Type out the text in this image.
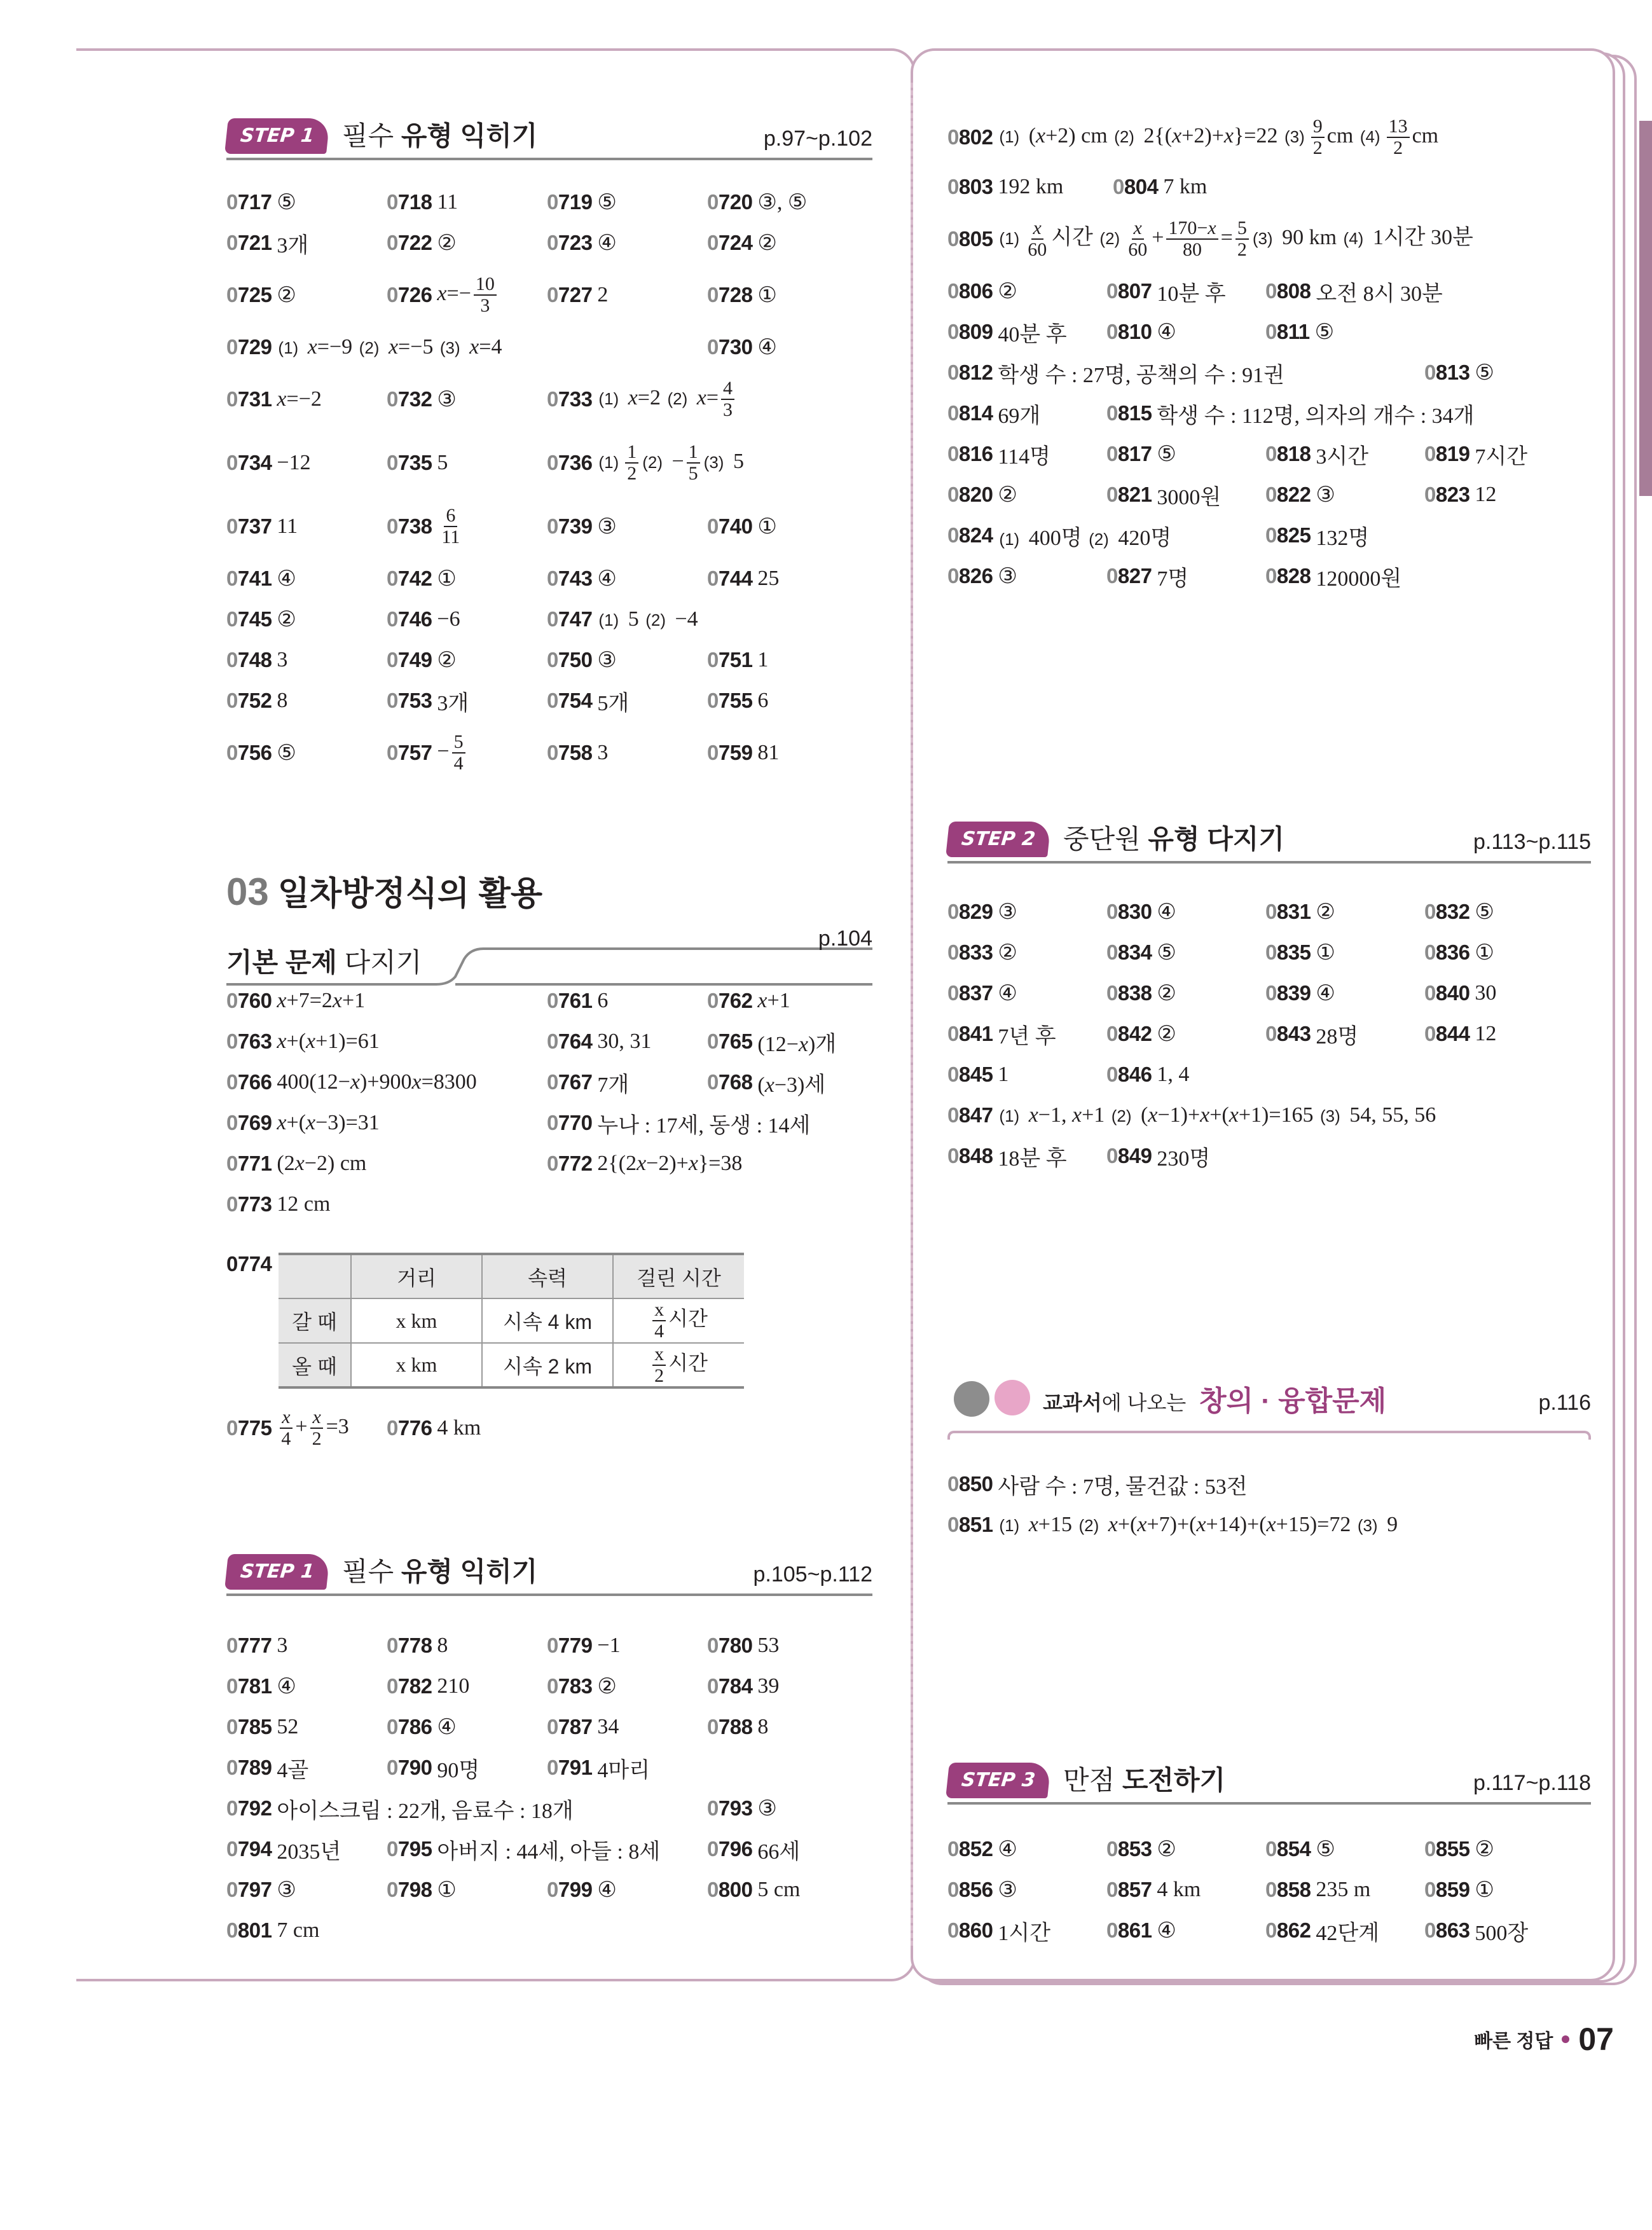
STEP 1	필수 유형 익히기	p.97~p.102
03 일차방정식의 활용
기본 문제 다지기
p.104
STEP 1	필수 유형 익히기	p.105~p.112
STEP 2	중단원 유형 다지기	p.113~p.115
교과서에 나오는 창의 · 융합문제	p.116
STEP 3	만점 도전하기	p.117~p.118
0717 ⑤	0718 11	0719 ⑤	0720 ③, ⑤
0721 3개	0722 ②	0723 ④	0724 ②
0725 ②	0726 $x=- \frac{10}{3} 0727$ 2	0728 ①
0729 (1) x=−9 (2) x=−5 (3) x=4	0730 ④
0731 x=−2	0732 ③	0733 (1) x=2 (2) $x= \frac{4}{3}$
0734 −12	0735 5	0736 $(1) \frac{1}{2} (2) - \frac{1}{5} (3)$ 5
0737 11	$0738 \frac{6}{11}$	0739 ③	0740 ①
0741 ④	0742 ①	0743 ④	0744 25
0745 ②	0746 −6	0747 (1) 5 (2) −4
0748 3	0749 ②	0750 ③	0751 1
0752 8	0753 3개	0754 5개	0755 6
0756 ⑤	$0757 - \frac{5}{4}$	0758 3	0759 81
0760 x+7=2x+1	0761 6	0762 x+1
0763 x+(x+1)=61	0764 30, 31	0765 (12−x)개
0766 400(12−x)+900x=8300	0767 7개	0768 (x−3)세
0769 x+(x−3)=31	0770 누나 : 17세, 동생 : 14세
0771 (2x−2) cm	0772 2{(2x−2)+x}=38
0773 12 cm
$0775 \frac{x}{4} + \frac{x}{2} =3$ 0776 4 km
0777 3	0778 8	0779 −1	0780 53
0781 ④	0782 210	0783 ②	0784 39
0785 52	0786 ④	0787 34	0788 8
0789 4골	0790 90명	0791 4마리
0792 아이스크림 : 22개, 음료수 : 18개	0793 ③
0794 2035년 0795 아버지 : 44세, 아들 : 8세 0796 66세
0797 ③	0798 ①	0799 ④	0800 5 cm
0801 7 cm
0802 (1) (x+2) cm (2) 2{(x+2)+x}=22 $(3) \frac{9}{2}$ cm $(4) \frac{13}{2}$ cm
0803 192 km 0804 7 km
0805 $(1) \frac{x}{60}$ 시간 $(2) \frac{x}{60} + \frac{170-x}{80} = \frac{5}{2} (3)$ 90 km (4) 1시간 30분
0806 ②	0807 10분 후 0808 오전 8시 30분
0809 40분 후 0810 ④	0811 ⑤
0812 학생 수 : 27명, 공책의 수 : 91권	0813 ⑤
0814 69개	0815 학생 수 : 112명, 의자의 개수 : 34개
0816 114명	0817 ⑤	0818 3시간	0819 7시간
0820 ②	0821 3000원 0822 ③	0823 12
0824 (1) 400명 (2) 420명	0825 132명
0826 ③	0827 7명	0828 120000원
0829 ③	0830 ④	0831 ②	0832 ⑤
0833 ②	0834 ⑤	0835 ①	0836 ①
0837 ④	0838 ②	0839 ④	0840 30
0841 7년 후 0842 ②	0843 28명	0844 12
0845 1	0846 1, 4
0847 (1) x−1, x+1 (2) (x−1)+x+(x+1)=165 (3) 54, 55, 56
0848 18분 후 0849 230명
0850 사람 수 : 7명, 물건값 : 53전
0851 (1) x+15 (2) x+(x+7)+(x+14)+(x+15)=72 (3) 9
0852 ④	0853 ②	0854 ⑤	0855 ②
0856 ③	0857 4 km	0858 235 m	0859 ①
0860 1시간	0861 ④	0862 42단계 0863 500장
0774
	거리	속력	걸린 시간
갈 때	x km	시속 4 km	$\frac{x}{4}$ 시간
올 때	x km	시속 2 km	$\frac{x}{2}$ 시간
빠른 정답 07
